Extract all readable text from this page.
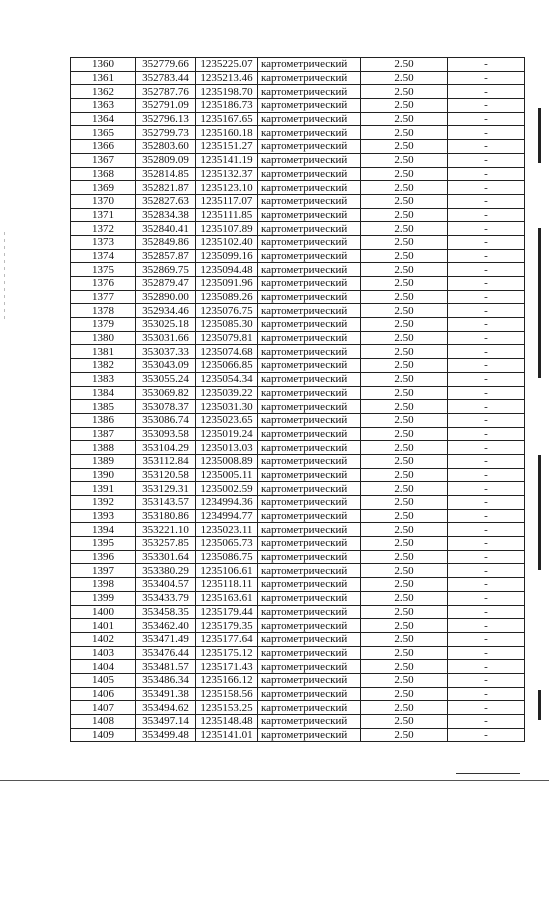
1360	352779.66	1235225.07	картометрический	2.50	-
1361	352783.44	1235213.46	картометрический	2.50	-
1362	352787.76	1235198.70	картометрический	2.50	-
1363	352791.09	1235186.73	картометрический	2.50	-
1364	352796.13	1235167.65	картометрический	2.50	-
1365	352799.73	1235160.18	картометрический	2.50	-
1366	352803.60	1235151.27	картометрический	2.50	-
1367	352809.09	1235141.19	картометрический	2.50	-
1368	352814.85	1235132.37	картометрический	2.50	-
1369	352821.87	1235123.10	картометрический	2.50	-
1370	352827.63	1235117.07	картометрический	2.50	-
1371	352834.38	1235111.85	картометрический	2.50	-
1372	352840.41	1235107.89	картометрический	2.50	-
1373	352849.86	1235102.40	картометрический	2.50	-
1374	352857.87	1235099.16	картометрический	2.50	-
1375	352869.75	1235094.48	картометрический	2.50	-
1376	352879.47	1235091.96	картометрический	2.50	-
1377	352890.00	1235089.26	картометрический	2.50	-
1378	352934.46	1235076.75	картометрический	2.50	-
1379	353025.18	1235085.30	картометрический	2.50	-
1380	353031.66	1235079.81	картометрический	2.50	-
1381	353037.33	1235074.68	картометрический	2.50	-
1382	353043.09	1235066.85	картометрический	2.50	-
1383	353055.24	1235054.34	картометрический	2.50	-
1384	353069.82	1235039.22	картометрический	2.50	-
1385	353078.37	1235031.30	картометрический	2.50	-
1386	353086.74	1235023.65	картометрический	2.50	-
1387	353093.58	1235019.24	картометрический	2.50	-
1388	353104.29	1235013.03	картометрический	2.50	-
1389	353112.84	1235008.89	картометрический	2.50	-
1390	353120.58	1235005.11	картометрический	2.50	-
1391	353129.31	1235002.59	картометрический	2.50	-
1392	353143.57	1234994.36	картометрический	2.50	-
1393	353180.86	1234994.77	картометрический	2.50	-
1394	353221.10	1235023.11	картометрический	2.50	-
1395	353257.85	1235065.73	картометрический	2.50	-
1396	353301.64	1235086.75	картометрический	2.50	-
1397	353380.29	1235106.61	картометрический	2.50	-
1398	353404.57	1235118.11	картометрический	2.50	-
1399	353433.79	1235163.61	картометрический	2.50	-
1400	353458.35	1235179.44	картометрический	2.50	-
1401	353462.40	1235179.35	картометрический	2.50	-
1402	353471.49	1235177.64	картометрический	2.50	-
1403	353476.44	1235175.12	картометрический	2.50	-
1404	353481.57	1235171.43	картометрический	2.50	-
1405	353486.34	1235166.12	картометрический	2.50	-
1406	353491.38	1235158.56	картометрический	2.50	-
1407	353494.62	1235153.25	картометрический	2.50	-
1408	353497.14	1235148.48	картометрический	2.50	-
1409	353499.48	1235141.01	картометрический	2.50	-
